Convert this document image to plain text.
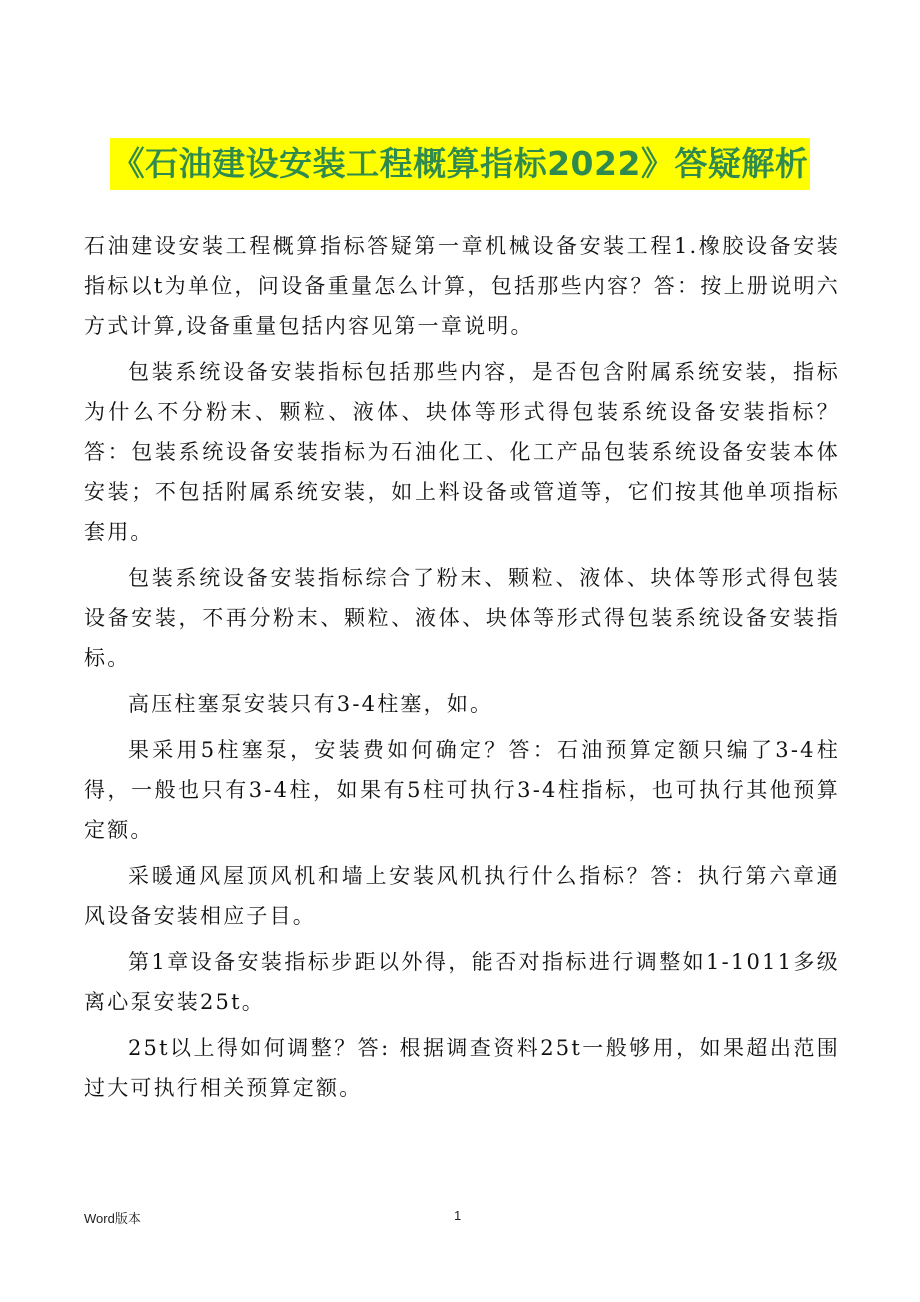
《石油建设安装工程概算指标2022》答疑解析

石油建设安装工程概算指标答疑第一章机械设备安装工程1.橡胶设备安装指标以t为单位，问设备重量怎么计算，包括那些内容？答：按上册说明六方式计算,设备重量包括内容见第一章说明。

包装系统设备安装指标包括那些内容，是否包含附属系统安装，指标为什么不分粉末、颗粒、液体、块体等形式得包装系统设备安装指标？答：包装系统设备安装指标为石油化工、化工产品包装系统设备安装本体安装；不包括附属系统安装，如上料设备或管道等，它们按其他单项指标套用。

包装系统设备安装指标综合了粉末、颗粒、液体、块体等形式得包装设备安装，不再分粉末、颗粒、液体、块体等形式得包装系统设备安装指标。

高压柱塞泵安装只有3-4柱塞，如。

果采用5柱塞泵，安装费如何确定？答：石油预算定额只编了3-4柱得，一般也只有3-4柱，如果有5柱可执行3-4柱指标，也可执行其他预算定额。

采暖通风屋顶风机和墙上安装风机执行什么指标？答：执行第六章通风设备安装相应子目。

第1章设备安装指标步距以外得，能否对指标进行调整如1-1011多级离心泵安装25t。

25t以上得如何调整？答: 根据调查资料25t一般够用，如果超出范围过大可执行相关预算定额。

Word版本	1
